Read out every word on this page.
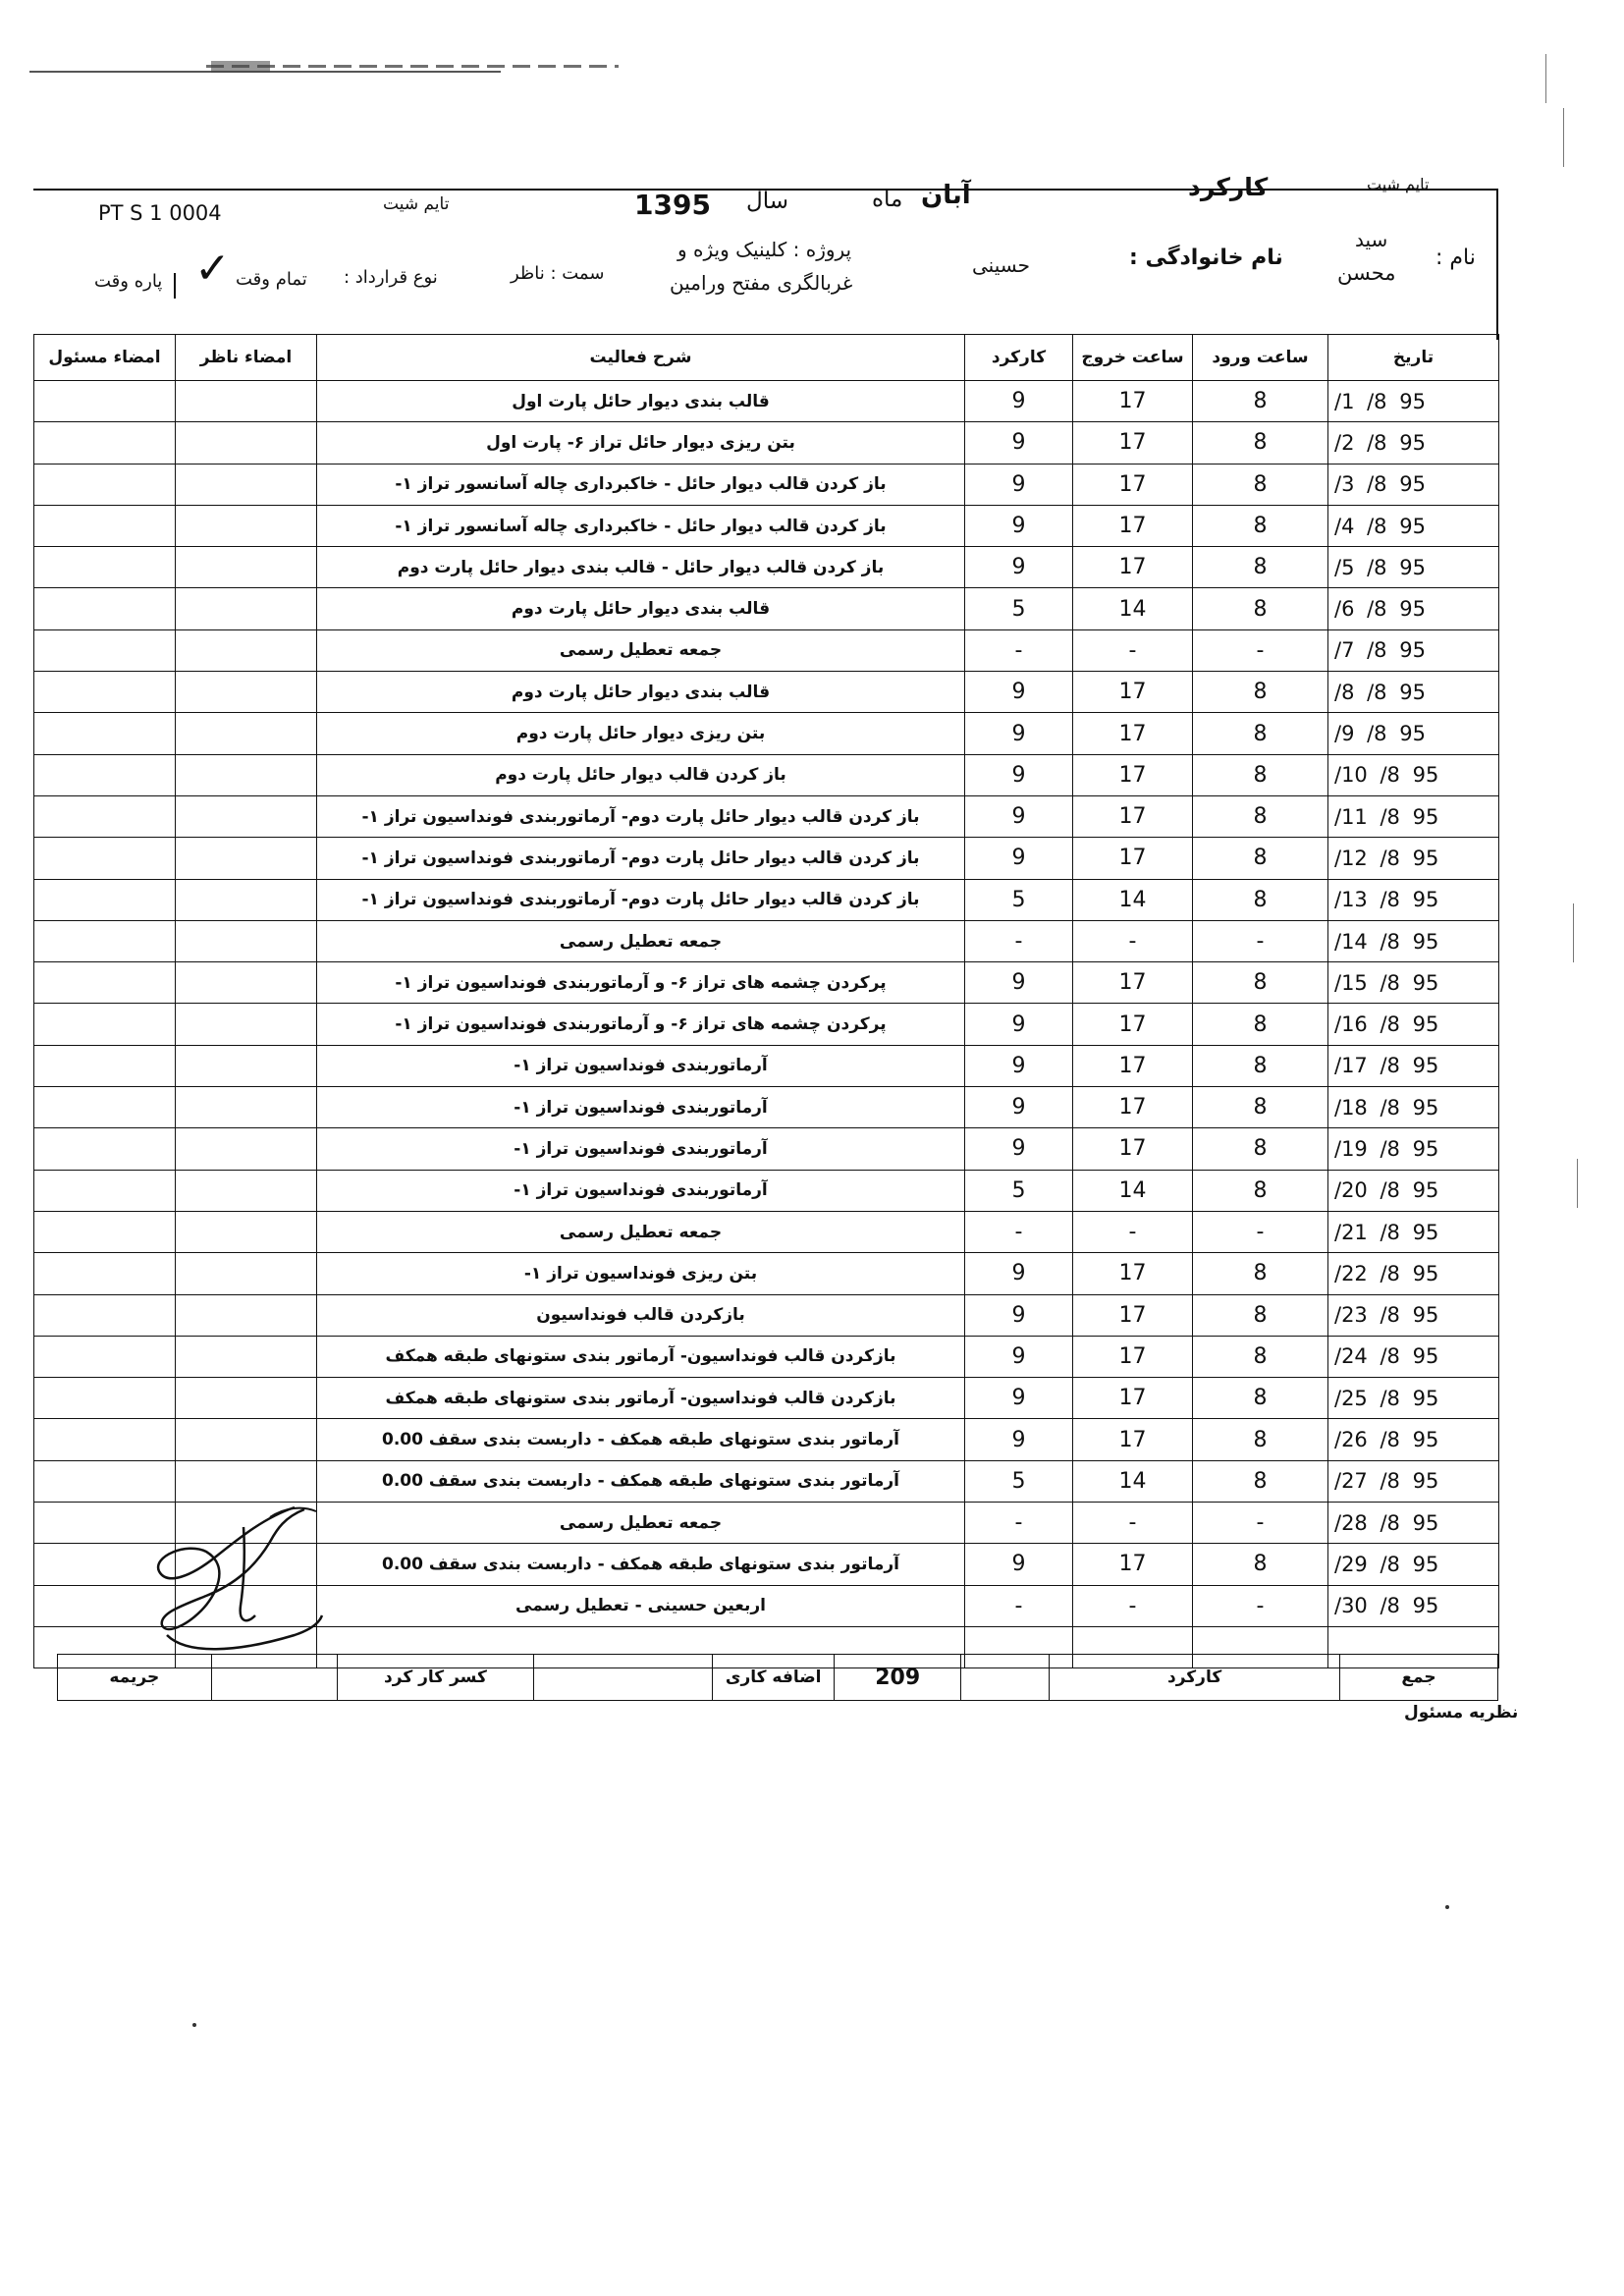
PT S 1 0004	تایم شیت	1395 سال	ماه آبان	کارکرد	تایم شیت
نام :
سید
محسن
نام خانوادگی :
حسینی
پروژه : کلینیک ویژه و
غربالگری مفتح ورامین
سمت : ناظر
نوع قرارداد :
تمام وقت
✓
پاره وقت
امضاء مسئول	امضاء ناظر	شرح فعالیت	کارکرد	ساعت خروج	ساعت ورود	تاریخ
		قالب بندی دیوار حائل پارت اول	9	17	8	/1 /8 95
		بتن ریزی دیوار حائل تراز ۶- پارت اول	9	17	8	/2 /8 95
		باز کردن قالب دیوار حائل - خاکبرداری چاله آسانسور تراز ۱-	9	17	8	/3 /8 95
		باز کردن قالب دیوار حائل - خاکبرداری چاله آسانسور تراز ۱-	9	17	8	/4 /8 95
		باز کردن قالب دیوار حائل - قالب بندی دیوار حائل پارت دوم	9	17	8	/5 /8 95
		قالب بندی دیوار حائل پارت دوم	5	14	8	/6 /8 95
		جمعه تعطیل رسمی	-	-	-	/7 /8 95
		قالب بندی دیوار حائل پارت دوم	9	17	8	/8 /8 95
		بتن ریزی دیوار حائل پارت دوم	9	17	8	/9 /8 95
		باز کردن قالب دیوار حائل پارت دوم	9	17	8	/10 /8 95
		باز کردن قالب دیوار حائل پارت دوم- آرماتوربندی فونداسیون تراز ۱-	9	17	8	/11 /8 95
		باز کردن قالب دیوار حائل پارت دوم- آرماتوربندی فونداسیون تراز ۱-	9	17	8	/12 /8 95
		باز کردن قالب دیوار حائل پارت دوم- آرماتوربندی فونداسیون تراز ۱-	5	14	8	/13 /8 95
		جمعه تعطیل رسمی	-	-	-	/14 /8 95
		پرکردن چشمه های تراز ۶- و آرماتوربندی فونداسیون تراز ۱-	9	17	8	/15 /8 95
		پرکردن چشمه های تراز ۶- و آرماتوربندی فونداسیون تراز ۱-	9	17	8	/16 /8 95
		آرماتوربندی فونداسیون تراز ۱-	9	17	8	/17 /8 95
		آرماتوربندی فونداسیون تراز ۱-	9	17	8	/18 /8 95
		آرماتوربندی فونداسیون تراز ۱-	9	17	8	/19 /8 95
		آرماتوربندی فونداسیون تراز ۱-	5	14	8	/20 /8 95
		جمعه تعطیل رسمی	-	-	-	/21 /8 95
		بتن ریزی فونداسیون تراز ۱-	9	17	8	/22 /8 95
		بازکردن قالب فونداسیون	9	17	8	/23 /8 95
		بازکردن قالب فونداسیون- آرماتور بندی ستونهای طبقه همکف	9	17	8	/24 /8 95
		بازکردن قالب فونداسیون- آرماتور بندی ستونهای طبقه همکف	9	17	8	/25 /8 95
		آرماتور بندی ستونهای طبقه همکف - داربست بندی سقف 0.00	9	17	8	/26 /8 95
		آرماتور بندی ستونهای طبقه همکف - داربست بندی سقف 0.00	5	14	8	/27 /8 95
		جمعه تعطیل رسمی	-	-	-	/28 /8 95
		آرماتور بندی ستونهای طبقه همکف - داربست بندی سقف 0.00	9	17	8	/29 /8 95
		اربعین حسینی - تعطیل رسمی	-	-	-	/30 /8 95

جریمه		کسر کار کرد		اضافه کاری	209		کارکرد	جمع
نظریه مسئول
